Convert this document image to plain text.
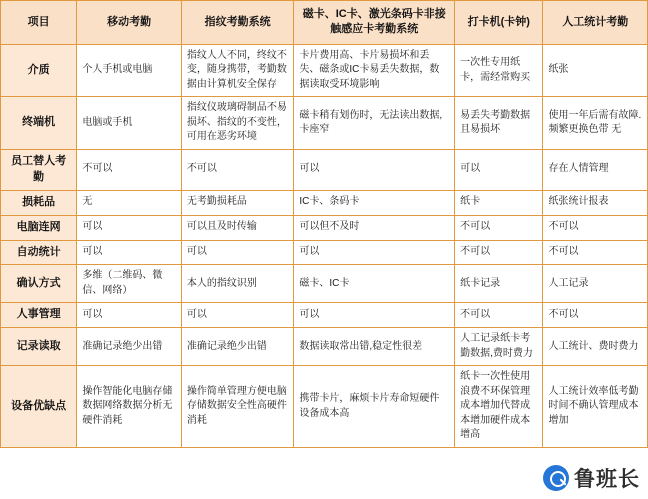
项目	移动考勤	指纹考勤系统	磁卡、IC卡、激光条码卡非接触感应卡考勤系统	打卡机(卡钟)	人工统计考勤
介质	个人手机或电脑	指纹人人不同，终纹不变，随身携带，考勤数据由计算机安全保存	卡片费用高、卡片易损坏和丢失、磁条或IC卡易丢失数据，数据读取受环境影响	一次性专用纸卡，需经常购买	纸张
终端机	电脑或手机	指纹仪玻璃碍制品不易损坏、指纹的不变性，可用在恶劣环境	磁卡稍有划伤时，无法读出数据,卡座窄	易丢失考勤数据且易损坏	使用一年后需有故障.频繁更换色带 无
员工替人考勤	不可以	不可以	可以	可以	存在人情管理
损耗品	无	无考勤损耗品	IC卡、条码卡	纸卡	纸张统计报表
电脑连网	可以	可以且及时传输	可以但不及时	不可以	不可以
自动统计	可以	可以	可以	不可以	不可以
确认方式	多维（二维码、微信、网络）	本人的指纹识别	磁卡、IC卡	纸卡记录	人工记录
人事管理	可以	可以	可以	不可以	不可以
记录读取	准确记录绝少出错	准确记录绝少出错	数据读取常出错,稳定性很差	人工记录纸卡考勤数据,费时费力	人工统计、费时费力
设备优缺点	操作智能化电脑存储数据网络数据分析无硬件消耗	操作简单管理方便电脑存储数据安全性高硬件消耗	携带卡片，麻烦卡片寿命短硬件设备成本高	纸卡一次性使用浪费不环保管理成本增加代替成本增加硬件成本增高	人工统计效率低考勤时间不确认管理成本增加
鲁班长
